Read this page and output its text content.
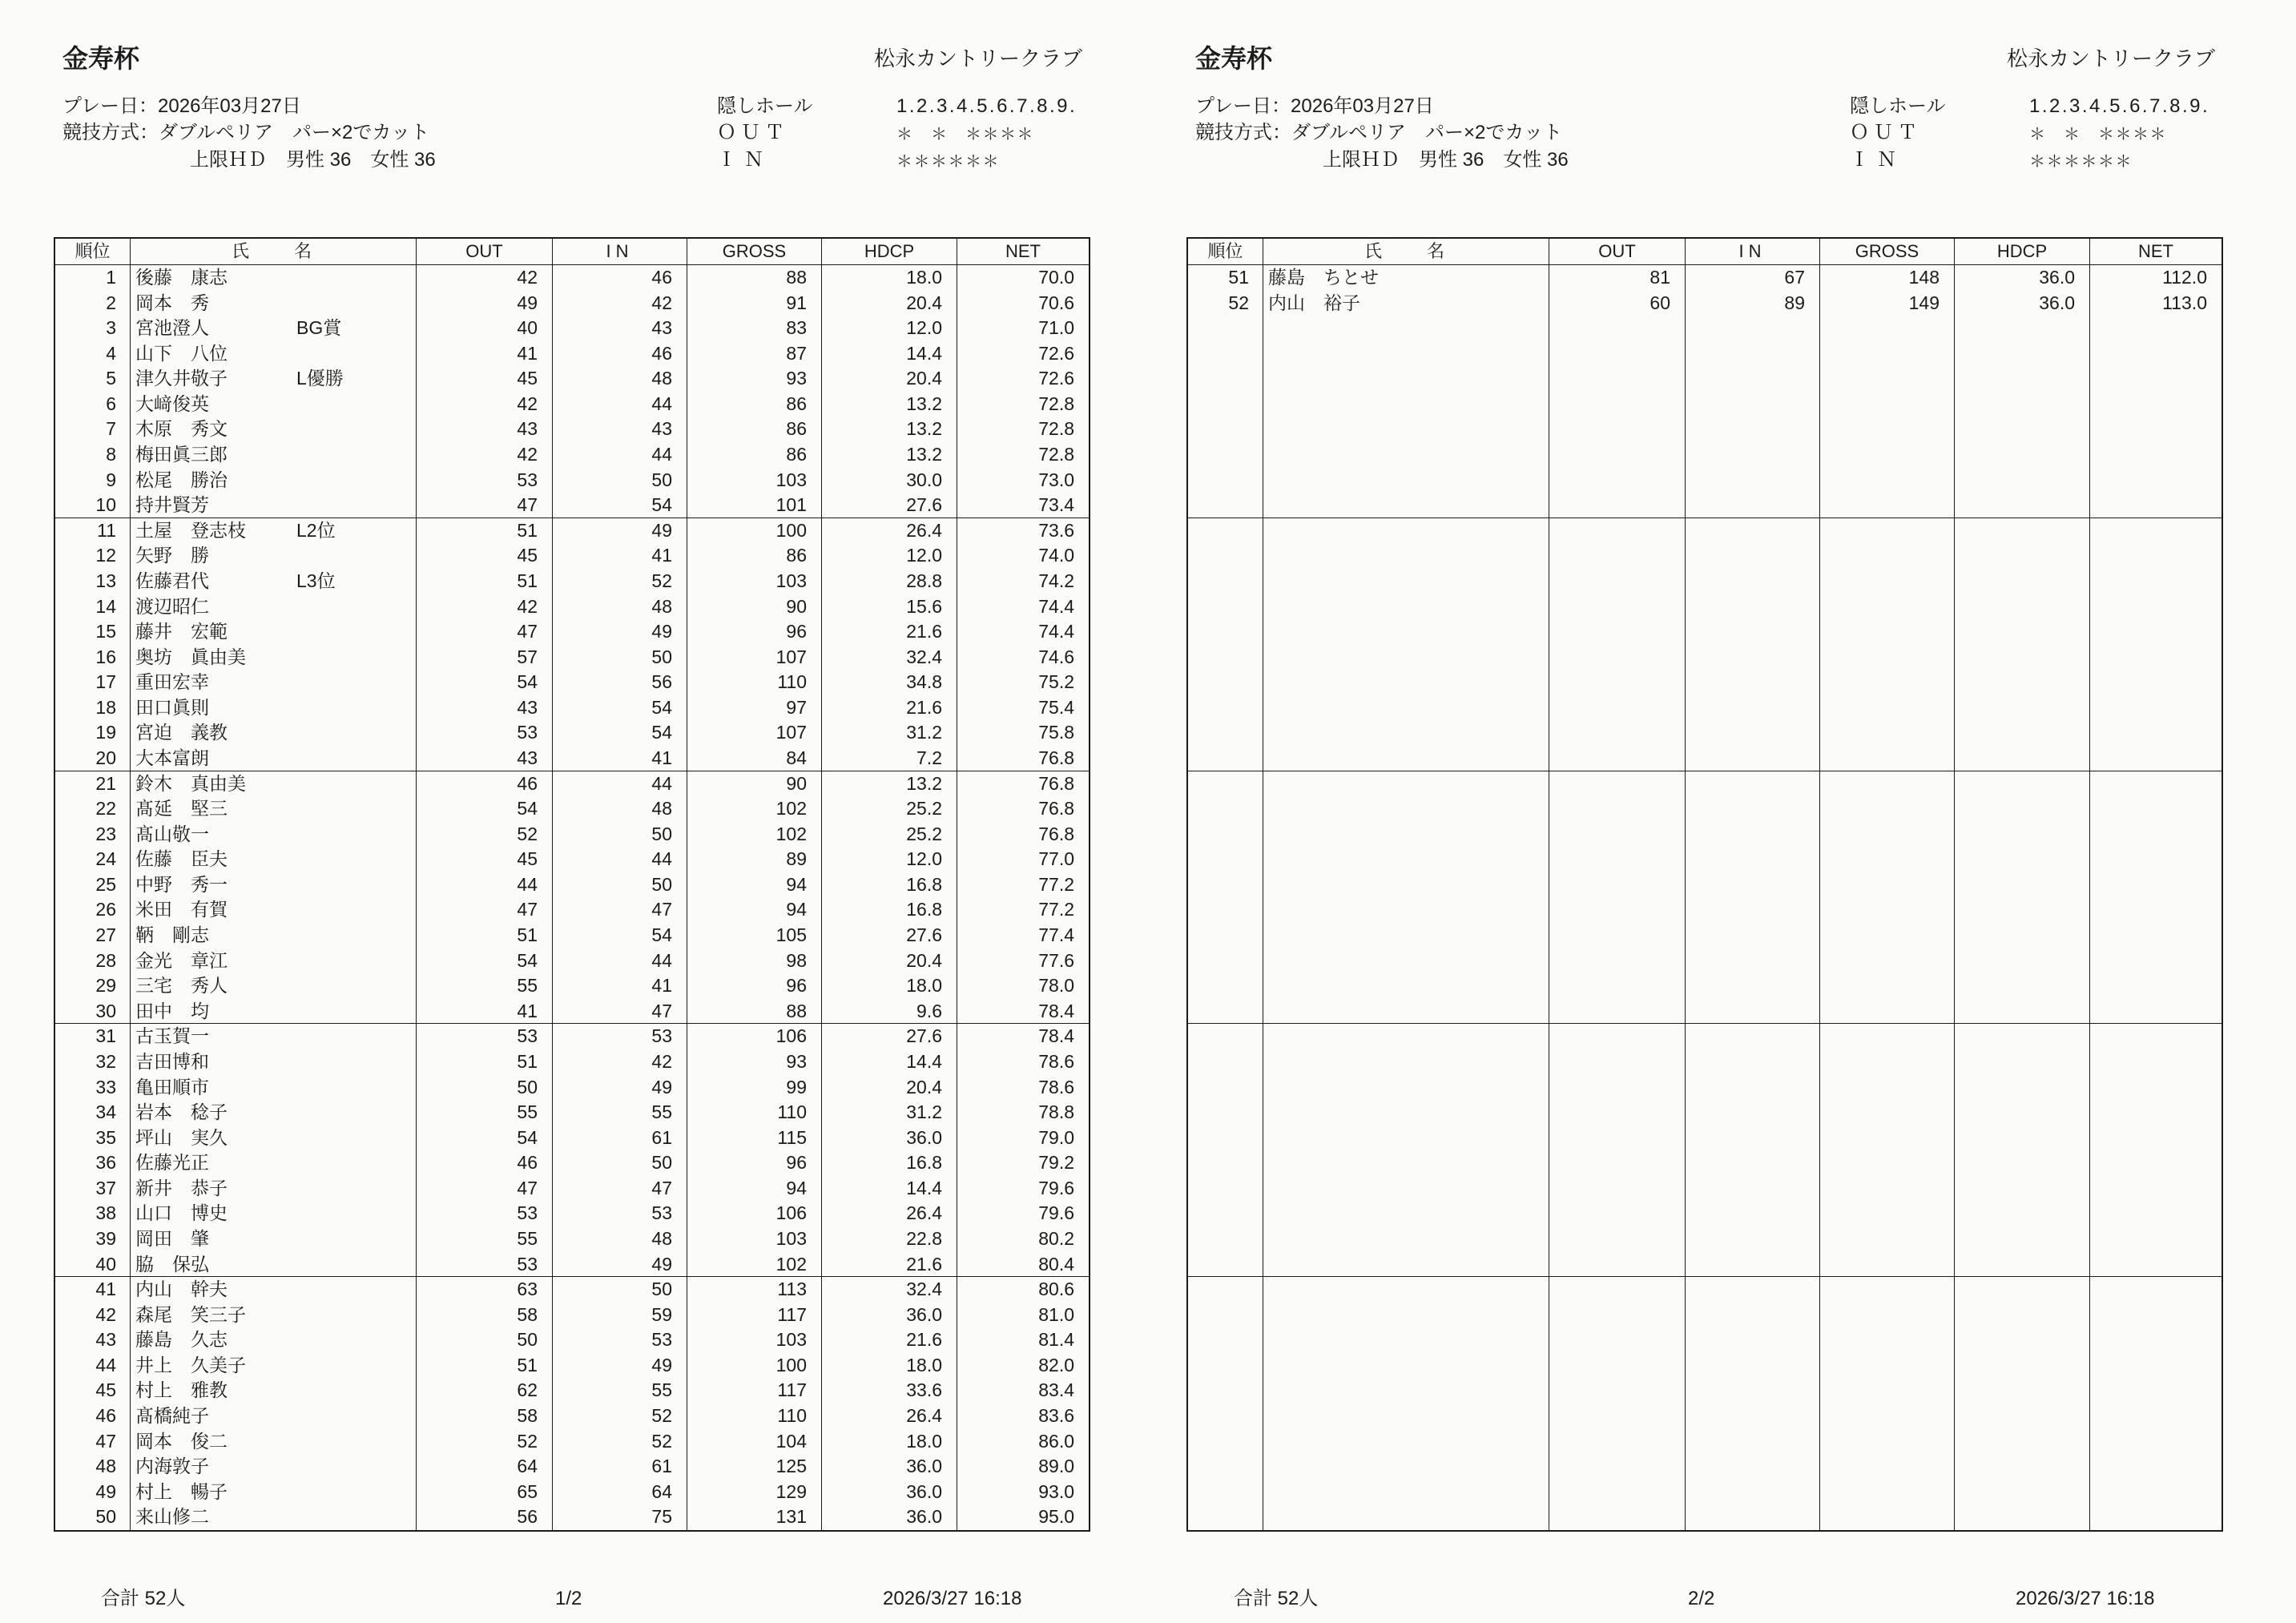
金寿杯	松永カントリークラブ
プレー日：2026年03月27日
競技方式：ダブルペリア　パー×2でカット
上限ＨＤ　男性 36　女性 36
隠しホール	1.2.3.4.5.6.7.8.9.
ＯＵＴ	＊　＊　＊＊＊＊
ＩＮ	＊＊＊＊＊＊
順位	氏　　名	OUT	IN	GROSS	HDCP	NET
1	後藤　康志	42	46	88	18.0	70.0
2	岡本　秀	49	42	91	20.4	70.6
3	宮池澄人	BG賞	40	43	83	12.0	71.0
4	山下　八位	41	46	87	14.4	72.6
5	津久井敬子	L優勝	45	48	93	20.4	72.6
6	大﨑俊英	42	44	86	13.2	72.8
7	木原　秀文	43	43	86	13.2	72.8
8	梅田眞三郎	42	44	86	13.2	72.8
9	松尾　勝治	53	50	103	30.0	73.0
10	持井賢芳	47	54	101	27.6	73.4
11	土屋　登志枝	L2位	51	49	100	26.4	73.6
12	矢野　勝	45	41	86	12.0	74.0
13	佐藤君代	L3位	51	52	103	28.8	74.2
14	渡辺昭仁	42	48	90	15.6	74.4
15	藤井　宏範	47	49	96	21.6	74.4
16	奥坊　眞由美	57	50	107	32.4	74.6
17	重田宏幸	54	56	110	34.8	75.2
18	田口眞則	43	54	97	21.6	75.4
19	宮迫　義教	53	54	107	31.2	75.8
20	大本富朗	43	41	84	7.2	76.8
21	鈴木　真由美	46	44	90	13.2	76.8
22	髙延　堅三	54	48	102	25.2	76.8
23	髙山敬一	52	50	102	25.2	76.8
24	佐藤　臣夫	45	44	89	12.0	77.0
25	中野　秀一	44	50	94	16.8	77.2
26	米田　有賀	47	47	94	16.8	77.2
27	鞆　剛志	51	54	105	27.6	77.4
28	金光　章江	54	44	98	20.4	77.6
29	三宅　秀人	55	41	96	18.0	78.0
30	田中　均	41	47	88	9.6	78.4
31	古玉賀一	53	53	106	27.6	78.4
32	吉田博和	51	42	93	14.4	78.6
33	亀田順市	50	49	99	20.4	78.6
34	岩本　稔子	55	55	110	31.2	78.8
35	坪山　実久	54	61	115	36.0	79.0
36	佐藤光正	46	50	96	16.8	79.2
37	新井　恭子	47	47	94	14.4	79.6
38	山口　博史	53	53	106	26.4	79.6
39	岡田　肇	55	48	103	22.8	80.2
40	脇　保弘	53	49	102	21.6	80.4
41	内山　幹夫	63	50	113	32.4	80.6
42	森尾　笑三子	58	59	117	36.0	81.0
43	藤島　久志	50	53	103	21.6	81.4
44	井上　久美子	51	49	100	18.0	82.0
45	村上　雅教	62	55	117	33.6	83.4
46	髙橋純子	58	52	110	26.4	83.6
47	岡本　俊二	52	52	104	18.0	86.0
48	内海敦子	64	61	125	36.0	89.0
49	村上　暢子	65	64	129	36.0	93.0
50	来山修二	56	75	131	36.0	95.0
合計 52人	1/2	2026/3/27 16:18
金寿杯	松永カントリークラブ
プレー日：2026年03月27日
競技方式：ダブルペリア　パー×2でカット
上限ＨＤ　男性 36　女性 36
隠しホール	1.2.3.4.5.6.7.8.9.
ＯＵＴ	＊　＊　＊＊＊＊
ＩＮ	＊＊＊＊＊＊
順位	氏　　名	OUT	IN	GROSS	HDCP	NET
51	藤島　ちとせ	81	67	148	36.0	112.0
52	内山　裕子	60	89	149	36.0	113.0
合計 52人	2/2	2026/3/27 16:18
